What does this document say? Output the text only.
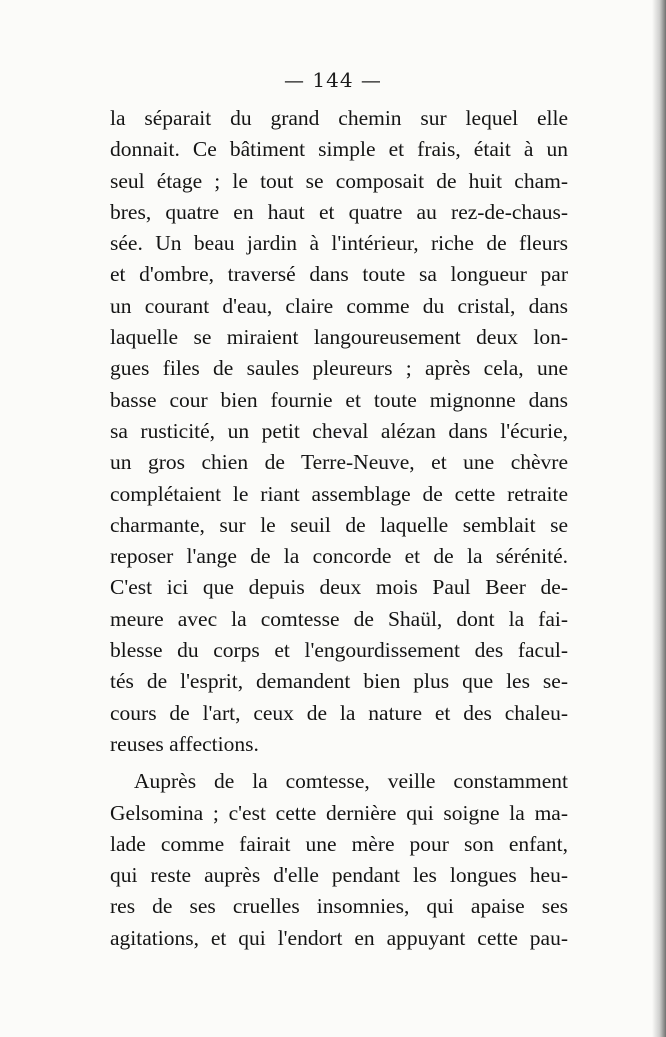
— 144 —
la séparait du grand chemin sur lequel elle
donnait. Ce bâtiment simple et frais, était à un
seul étage ; le tout se composait de huit cham-
bres, quatre en haut et quatre au rez-de-chaus-
sée. Un beau jardin à l'intérieur, riche de fleurs
et d'ombre, traversé dans toute sa longueur par
un courant d'eau, claire comme du cristal, dans
laquelle se miraient langoureusement deux lon-
gues files de saules pleureurs ; après cela, une
basse cour bien fournie et toute mignonne dans
sa rusticité, un petit cheval alézan dans l'écurie,
un gros chien de Terre-Neuve, et une chèvre
complétaient le riant assemblage de cette retraite
charmante, sur le seuil de laquelle semblait se
reposer l'ange de la concorde et de la sérénité.
C'est ici que depuis deux mois Paul Beer de-
meure avec la comtesse de Shaül, dont la fai-
blesse du corps et l'engourdissement des facul-
tés de l'esprit, demandent bien plus que les se-
cours de l'art, ceux de la nature et des chaleu-
reuses affections.
Auprès de la comtesse, veille constamment
Gelsomina ; c'est cette dernière qui soigne la ma-
lade comme fairait une mère pour son enfant,
qui reste auprès d'elle pendant les longues heu-
res de ses cruelles insomnies, qui apaise ses
agitations, et qui l'endort en appuyant cette pau-
